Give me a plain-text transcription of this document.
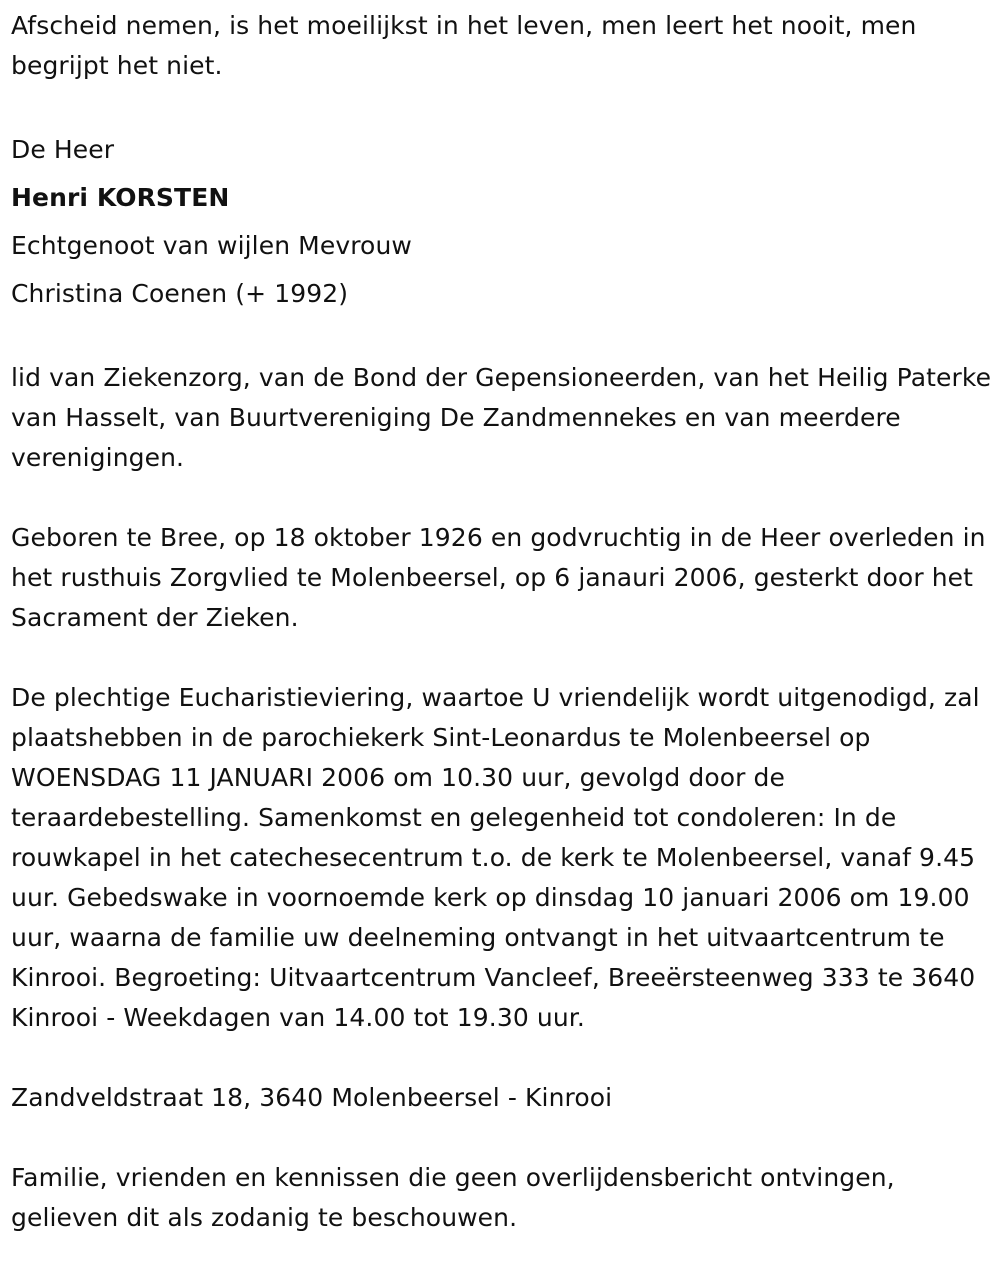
Afscheid nemen, is het moeilijkst in het leven, men leert het nooit, men begrijpt het niet.

De Heer

Henri KORSTEN

Echtgenoot van wijlen Mevrouw

Christina Coenen (+ 1992)

lid van Ziekenzorg, van de Bond der Gepensioneerden, van het Heilig Paterke van Hasselt, van Buurtvereniging De Zandmennekes en van meerdere verenigingen.

Geboren te Bree, op 18 oktober 1926 en godvruchtig in de Heer overleden in het rusthuis Zorgvlied te Molenbeersel, op 6 janauri 2006, gesterkt door het Sacrament der Zieken.

De plechtige Eucharistieviering, waartoe U vriendelijk wordt uitgenodigd, zal plaatshebben in de parochiekerk Sint-Leonardus te Molenbeersel op WOENSDAG 11 JANUARI 2006 om 10.30 uur, gevolgd door de teraardebestelling. Samenkomst en gelegenheid tot condoleren: In de rouwkapel in het catechesecentrum t.o. de kerk te Molenbeersel, vanaf 9.45 uur. Gebedswake in voornoemde kerk op dinsdag 10 januari 2006 om 19.00 uur, waarna de familie uw deelneming ontvangt in het uitvaartcentrum te Kinrooi. Begroeting: Uitvaartcentrum Vancleef, Breeërsteenweg 333 te 3640 Kinrooi - Weekdagen van 14.00 tot 19.30 uur.

Zandveldstraat 18, 3640 Molenbeersel - Kinrooi

Familie, vrienden en kennissen die geen overlijdensbericht ontvingen, gelieven dit als zodanig te beschouwen.
